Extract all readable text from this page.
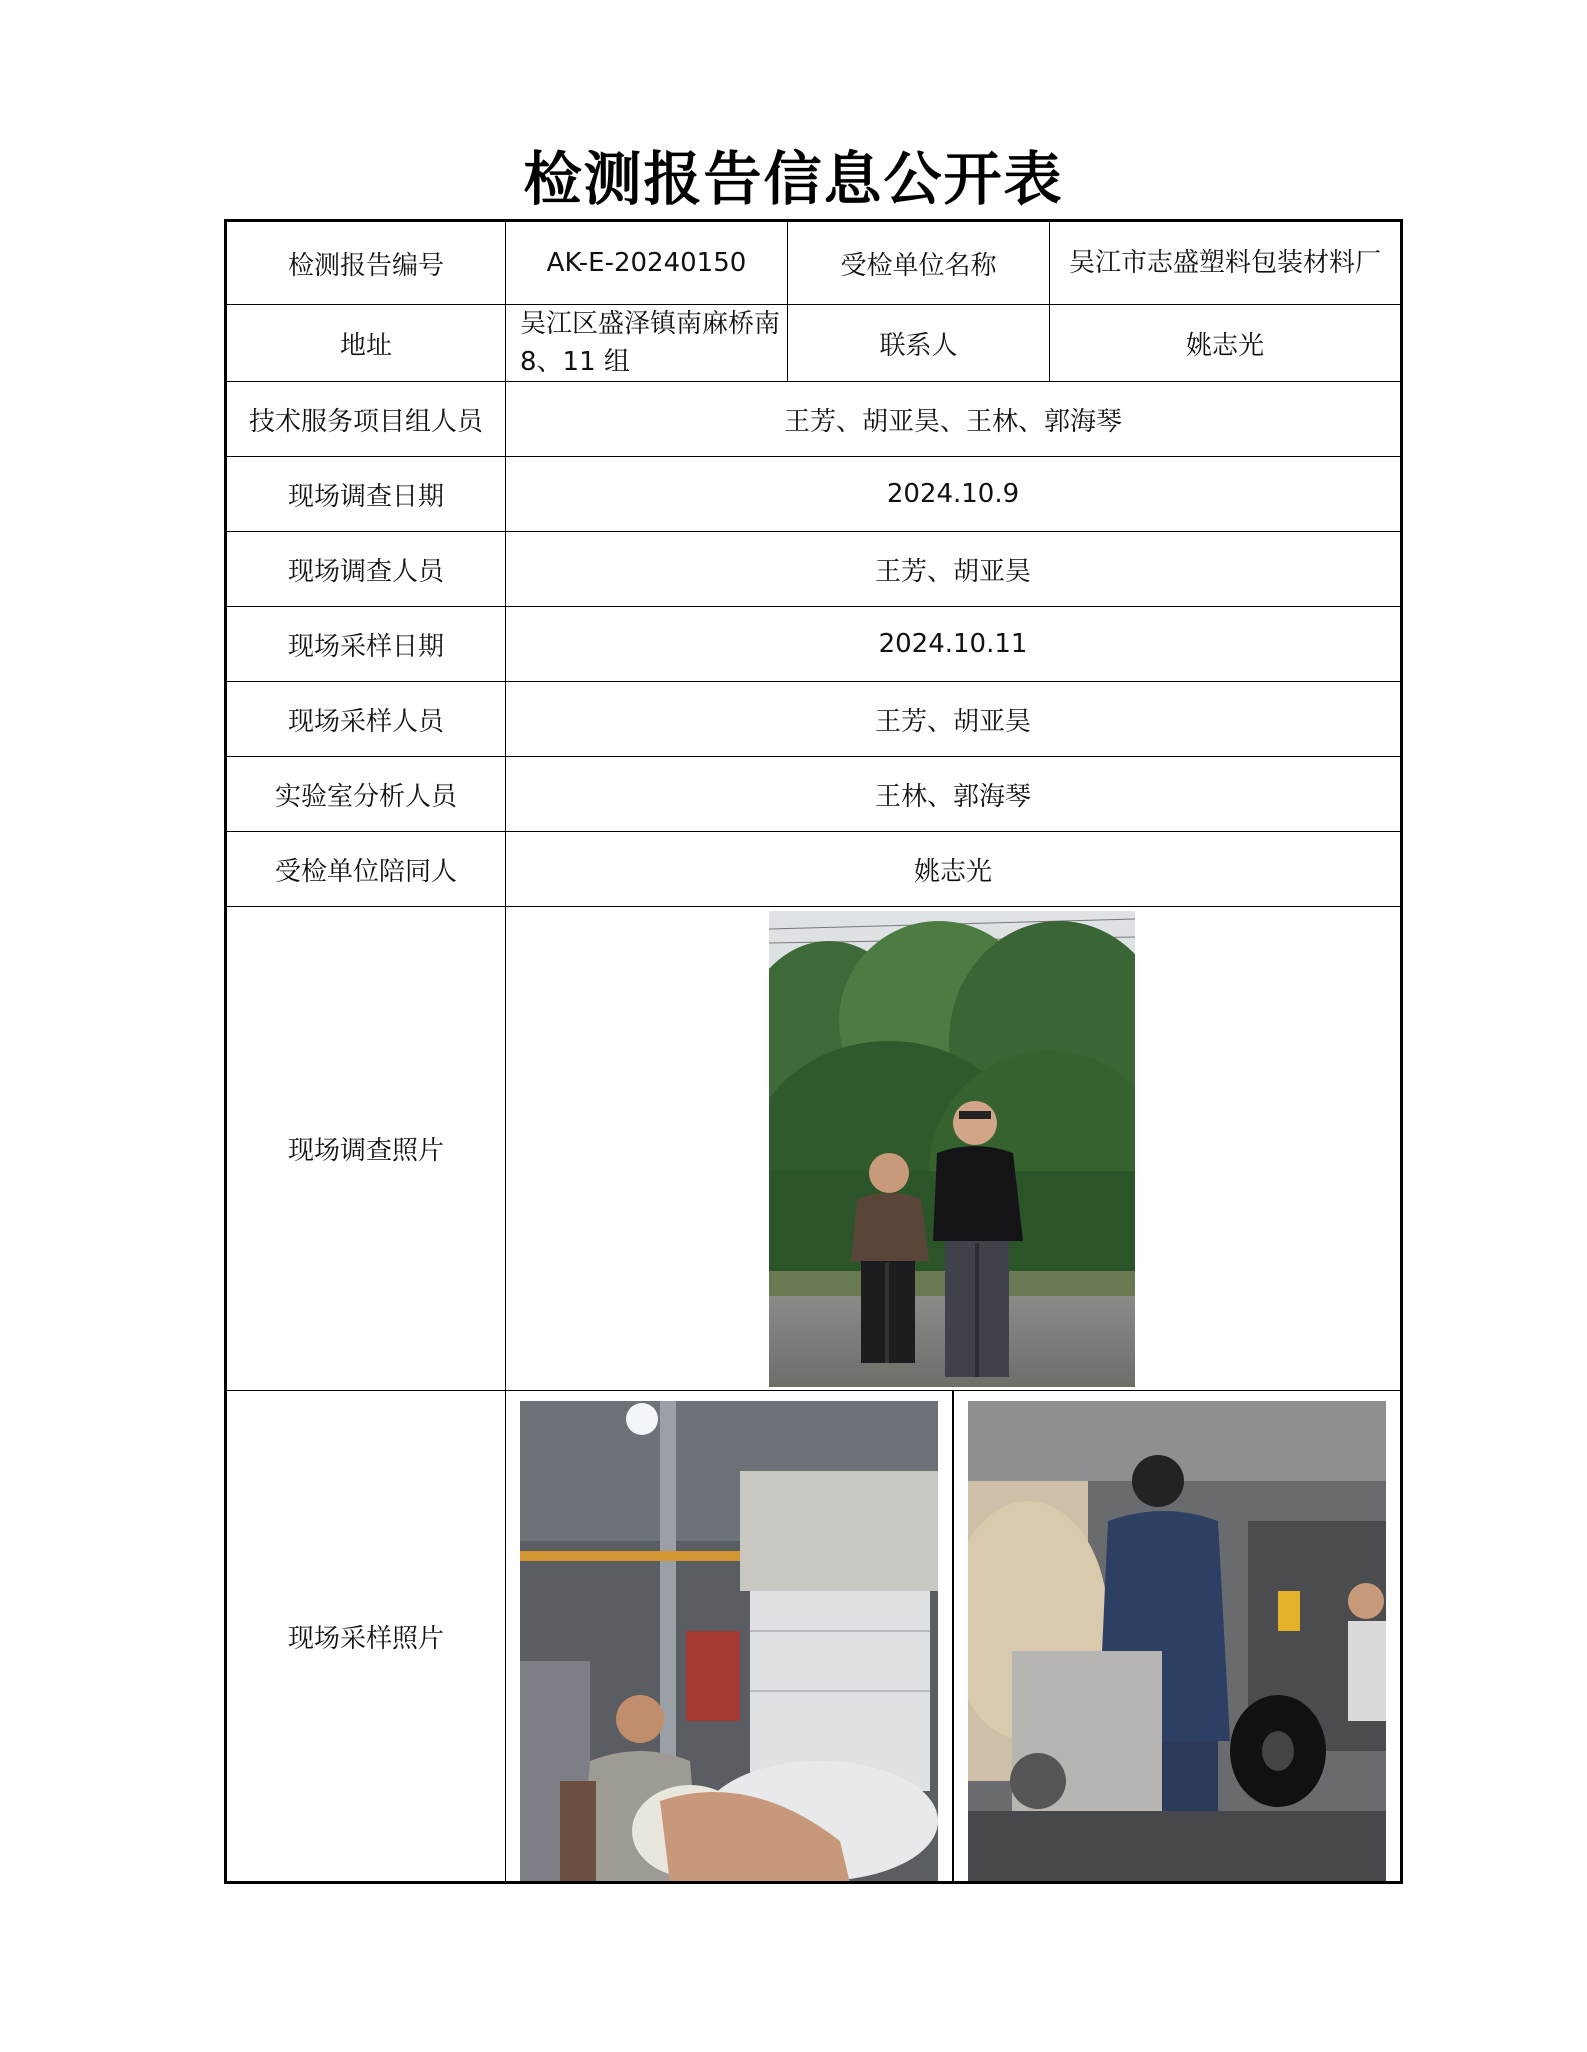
检测报告信息公开表
检测报告编号	AK-E-20240150	受检单位名称	吴江市志盛塑料包装材料厂
地址	吴江区盛泽镇南麻桥南 8、11 组	联系人	姚志光
技术服务项目组人员	王芳、胡亚昊、王林、郭海琴		
现场调查日期	2024.10.9		
现场调查人员	王芳、胡亚昊		
现场采样日期	2024.10.11		
现场采样人员	王芳、胡亚昊		
实验室分析人员	王林、郭海琴		
受检单位陪同人	姚志光		
现场调查照片	

现场采样照片	
